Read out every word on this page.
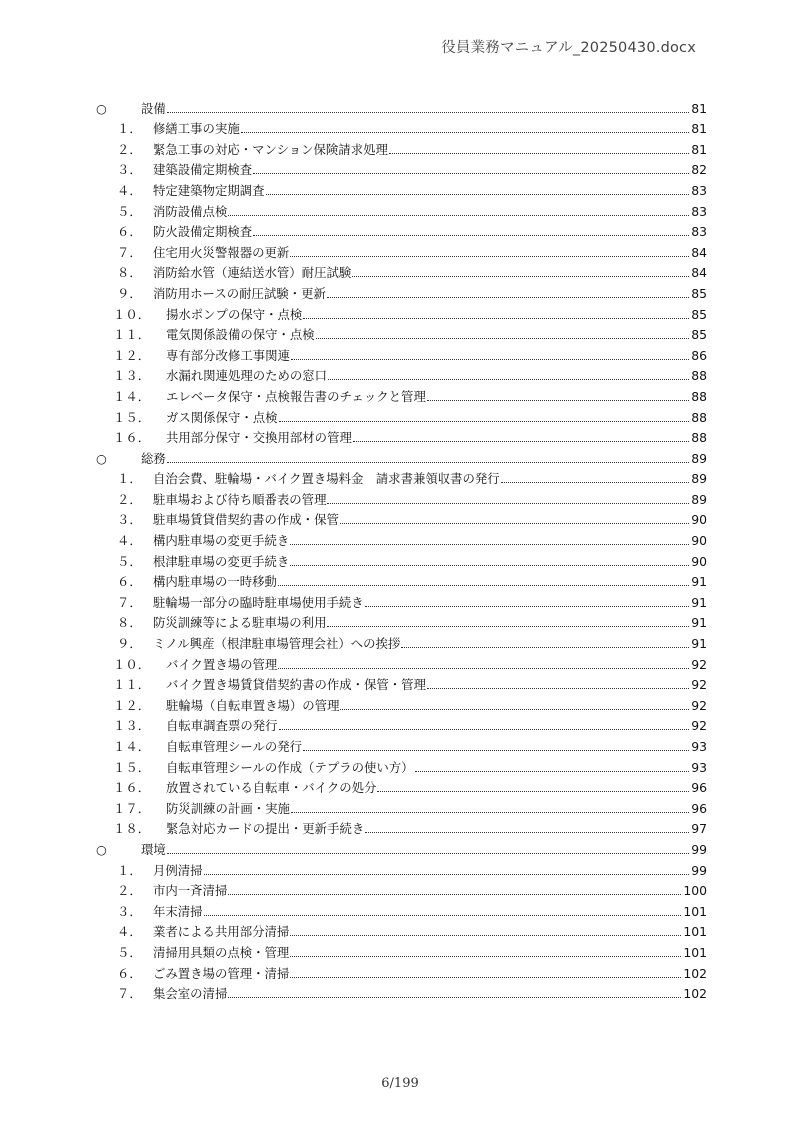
役員業務マニュアル_20250430.docx
○	設備	81
１． 修繕工事の実施	81
２． 緊急工事の対応・マンション保険請求処理	81
３． 建築設備定期検査	82
４． 特定建築物定期調査	83
５． 消防設備点検	83
６． 防火設備定期検査	83
７． 住宅用火災警報器の更新	84
８． 消防給水管（連結送水管）耐圧試験	84
９． 消防用ホースの耐圧試験・更新	85
１０．	揚水ポンプの保守・点検	85
１１．	電気関係設備の保守・点検	85
１２．	専有部分改修工事関連	86
１３．	水漏れ関連処理のための窓口	88
１４．	エレベータ保守・点検報告書のチェックと管理	88
１５．	ガス関係保守・点検	88
１６．	共用部分保守・交換用部材の管理	88
○	総務	89
１． 自治会費、駐輪場・バイク置き場料金　請求書兼領収書の発行	89
２． 駐車場および待ち順番表の管理	89
３． 駐車場賃貸借契約書の作成・保管	90
４． 構内駐車場の変更手続き	90
５． 根津駐車場の変更手続き	90
６． 構内駐車場の一時移動	91
７． 駐輪場一部分の臨時駐車場使用手続き	91
８． 防災訓練等による駐車場の利用	91
９． ミノル興産（根津駐車場管理会社）への挨拶	91
１０．	バイク置き場の管理	92
１１．	バイク置き場賃貸借契約書の作成・保管・管理	92
１２．	駐輪場（自転車置き場）の管理	92
１３．	自転車調査票の発行	92
１４．	自転車管理シールの発行	93
１５．	自転車管理シールの作成（テプラの使い方）	93
１６．	放置されている自転車・バイクの処分	96
１７．	防災訓練の計画・実施	96
１８．	緊急対応カードの提出・更新手続き	97
○	環境	99
１． 月例清掃	99
２． 市内一斉清掃	100
３． 年末清掃	101
４． 業者による共用部分清掃	101
５． 清掃用具類の点検・管理	101
６． ごみ置き場の管理・清掃	102
７． 集会室の清掃	102
6/199
